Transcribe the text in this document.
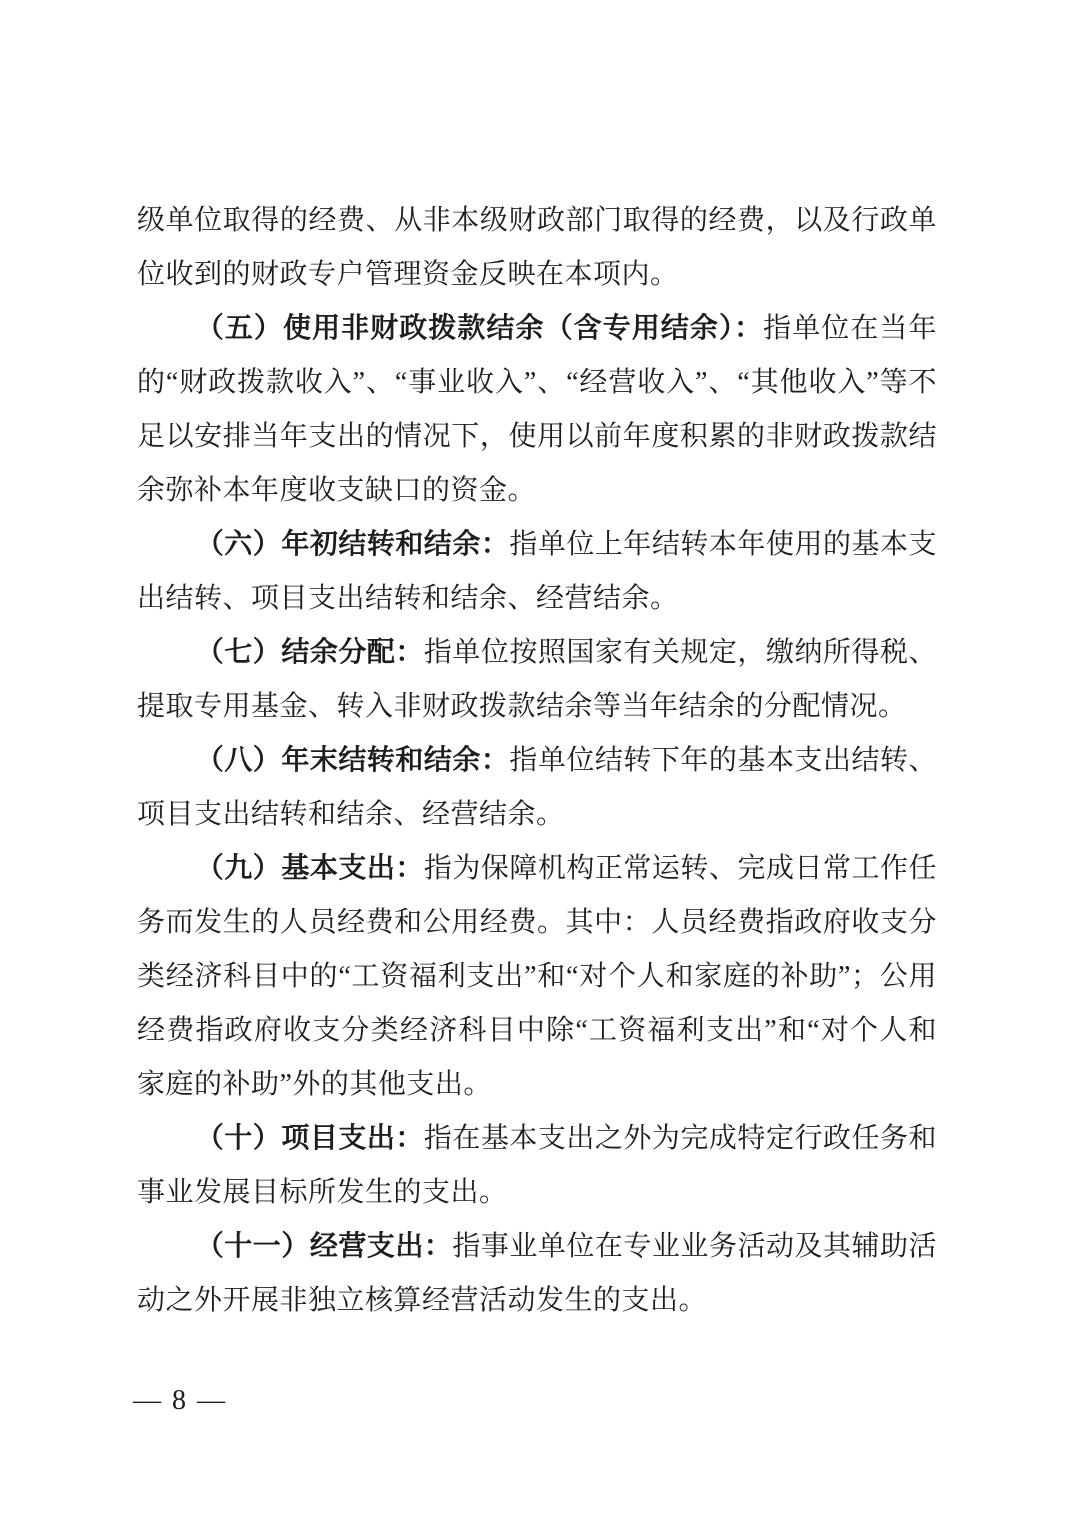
级单位取得的经费、从非本级财政部门取得的经费，以及行政单位收到的财政专户管理资金反映在本项内。

（五）使用非财政拨款结余（含专用结余）：指单位在当年的“财政拨款收入”、“事业收入”、“经营收入”、“其他收入”等不足以安排当年支出的情况下，使用以前年度积累的非财政拨款结余弥补本年度收支缺口的资金。

（六）年初结转和结余：指单位上年结转本年使用的基本支出结转、项目支出结转和结余、经营结余。

（七）结余分配：指单位按照国家有关规定，缴纳所得税、提取专用基金、转入非财政拨款结余等当年结余的分配情况。

（八）年末结转和结余：指单位结转下年的基本支出结转、项目支出结转和结余、经营结余。

（九）基本支出：指为保障机构正常运转、完成日常工作任务而发生的人员经费和公用经费。其中：人员经费指政府收支分类经济科目中的“工资福利支出”和“对个人和家庭的补助”；公用经费指政府收支分类经济科目中除“工资福利支出”和“对个人和家庭的补助”外的其他支出。

（十）项目支出：指在基本支出之外为完成特定行政任务和事业发展目标所发生的支出。

（十一）经营支出：指事业单位在专业业务活动及其辅助活动之外开展非独立核算经营活动发生的支出。

— 8 —
